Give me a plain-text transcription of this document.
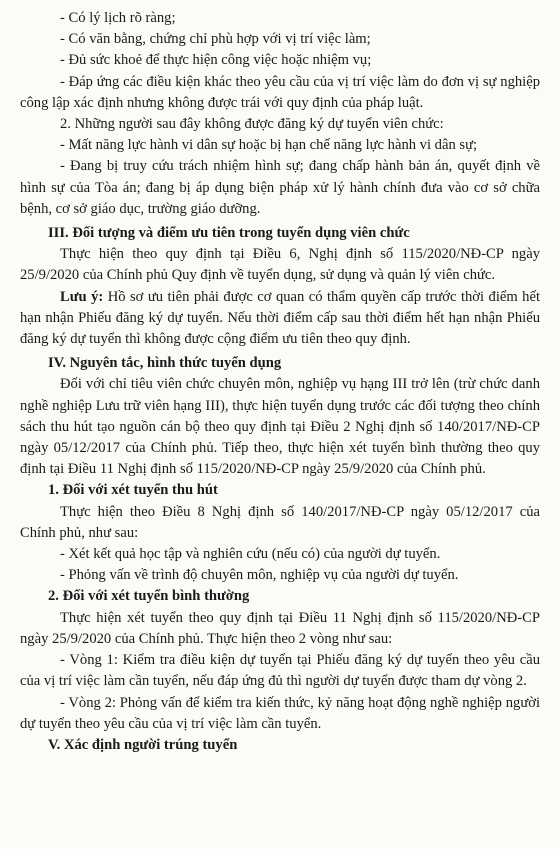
- Có lý lịch rõ ràng;

- Có văn bằng, chứng chỉ phù hợp với vị trí việc làm;

- Đủ sức khoẻ để thực hiện công việc hoặc nhiệm vụ;

- Đáp ứng các điều kiện khác theo yêu cầu của vị trí việc làm do đơn vị sự nghiệp công lập xác định nhưng không được trái với quy định của pháp luật.

2. Những người sau đây không được đăng ký dự tuyển viên chức:

- Mất năng lực hành vi dân sự hoặc bị hạn chế năng lực hành vi dân sự;

- Đang bị truy cứu trách nhiệm hình sự; đang chấp hành bản án, quyết định về hình sự của Tòa án; đang bị áp dụng biện pháp xử lý hành chính đưa vào cơ sở chữa bệnh, cơ sở giáo dục, trường giáo dưỡng.

III. Đối tượng và điểm ưu tiên trong tuyển dụng viên chức

Thực hiện theo quy định tại Điều 6, Nghị định số 115/2020/NĐ-CP ngày 25/9/2020 của Chính phủ Quy định về tuyển dụng, sử dụng và quản lý viên chức.

Lưu ý: Hồ sơ ưu tiên phải được cơ quan có thẩm quyền cấp trước thời điểm hết hạn nhận Phiếu đăng ký dự tuyển. Nếu thời điểm cấp sau thời điểm hết hạn nhận Phiếu đăng ký dự tuyển thì không được cộng điểm ưu tiên theo quy định.

IV. Nguyên tắc, hình thức tuyển dụng

Đối với chỉ tiêu viên chức chuyên môn, nghiệp vụ hạng III trở lên (trừ chức danh nghề nghiệp Lưu trữ viên hạng III), thực hiện tuyển dụng trước các đối tượng theo chính sách thu hút tạo nguồn cán bộ theo quy định tại Điều 2 Nghị định số 140/2017/NĐ-CP ngày 05/12/2017 của Chính phủ. Tiếp theo, thực hiện xét tuyển bình thường theo quy định tại Điều 11 Nghị định số 115/2020/NĐ-CP ngày 25/9/2020 của Chính phủ.

1. Đối với xét tuyển thu hút

Thực hiện theo Điều 8 Nghị định số 140/2017/NĐ-CP ngày 05/12/2017 của Chính phủ, như sau:

- Xét kết quả học tập và nghiên cứu (nếu có) của người dự tuyển.

- Phỏng vấn về trình độ chuyên môn, nghiệp vụ của người dự tuyển.

2. Đối với xét tuyển bình thường

Thực hiện xét tuyển theo quy định tại Điều 11 Nghị định số 115/2020/NĐ-CP ngày 25/9/2020 của Chính phủ. Thực hiện theo 2 vòng như sau:

- Vòng 1: Kiểm tra điều kiện dự tuyển tại Phiếu đăng ký dự tuyển theo yêu cầu của vị trí việc làm cần tuyển, nếu đáp ứng đủ thì người dự tuyển được tham dự vòng 2.

- Vòng 2: Phỏng vấn để kiểm tra kiến thức, kỷ năng hoạt động nghề nghiệp người dự tuyển theo yêu cầu của vị trí việc làm cần tuyển.

V. Xác định người trúng tuyển
